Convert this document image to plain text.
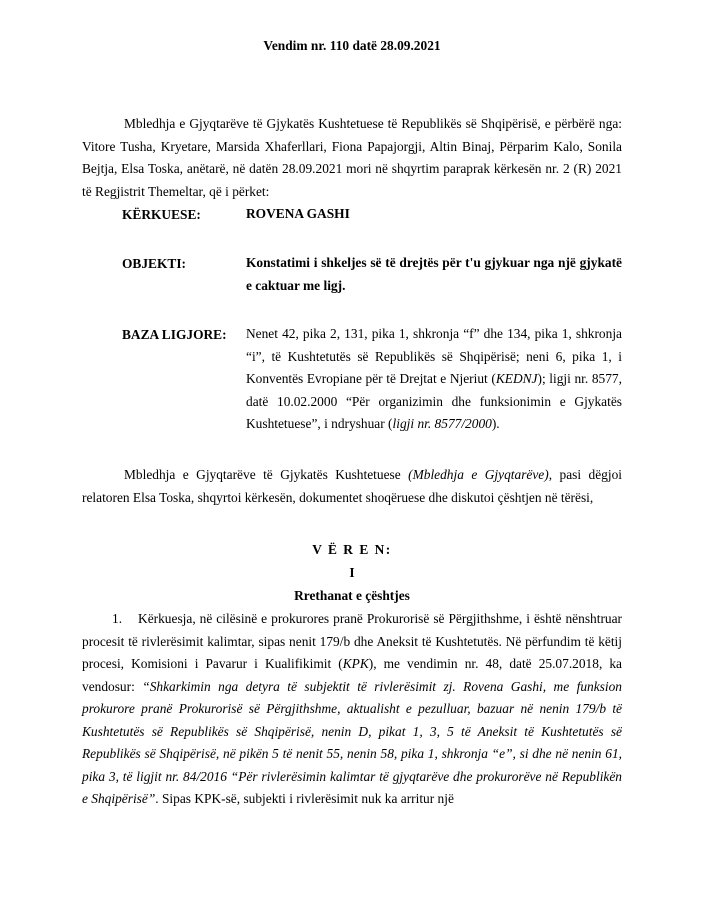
Vendim nr. 110 datë 28.09.2021
Mbledhja e Gjyqtarëve të Gjykatës Kushtetuese të Republikës së Shqipërisë, e përbërë nga: Vitore Tusha, Kryetare, Marsida Xhaferllari, Fiona Papajorgji, Altin Binaj, Përparim Kalo, Sonila Bejtja, Elsa Toska, anëtarë, në datën 28.09.2021 mori në shqyrtim paraprak kërkesën nr. 2 (R) 2021 të Regjistrit Themeltar, që i përket:
KËRKUESE:	ROVENA GASHI
OBJEKTI:	Konstatimi i shkeljes së të drejtës për t'u gjykuar nga një gjykatë e caktuar me ligj.
BAZA LIGJORE: Nenet 42, pika 2, 131, pika 1, shkronja “f” dhe 134, pika 1, shkronja “i”, të Kushtetutës së Republikës së Shqipërisë; neni 6, pika 1, i Konventës Evropiane për të Drejtat e Njeriut (KEDNJ); ligji nr. 8577, datë 10.02.2000 “Për organizimin dhe funksionimin e Gjykatës Kushtetuese”, i ndryshuar (ligji nr. 8577/2000).
Mbledhja e Gjyqtarëve të Gjykatës Kushtetuese (Mbledhja e Gjyqtarëve), pasi dëgjoi relatoren Elsa Toska, shqyrtoi kërkesën, dokumentet shoqëruese dhe diskutoi çështjen në tërësi,
V Ë R E N:
I
Rrethanat e çështjes
1. Kërkuesja, në cilësinë e prokurores pranë Prokurorisë së Përgjithshme, i është nënshtruar procesit të rivlerësimit kalimtar, sipas nenit 179/b dhe Aneksit të Kushtetutës. Në përfundim të këtij procesi, Komisioni i Pavarur i Kualifikimit (KPK), me vendimin nr. 48, datë 25.07.2018, ka vendosur: “Shkarkimin nga detyra të subjektit të rivlerësimit zj. Rovena Gashi, me funksion prokurore pranë Prokurorisë së Përgjithshme, aktualisht e pezulluar, bazuar në nenin 179/b të Kushtetutës së Republikës së Shqipërisë, nenin D, pikat 1, 3, 5 të Aneksit të Kushtetutës së Republikës së Shqipërisë, në pikën 5 të nenit 55, nenin 58, pika 1, shkronja “e”, si dhe në nenin 61, pika 3, të ligjit nr. 84/2016 “Për rivlerësimin kalimtar të gjyqtarëve dhe prokurorëve në Republikën e Shqipërisë”. Sipas KPK-së, subjekti i rivlerësimit nuk ka arritur një
